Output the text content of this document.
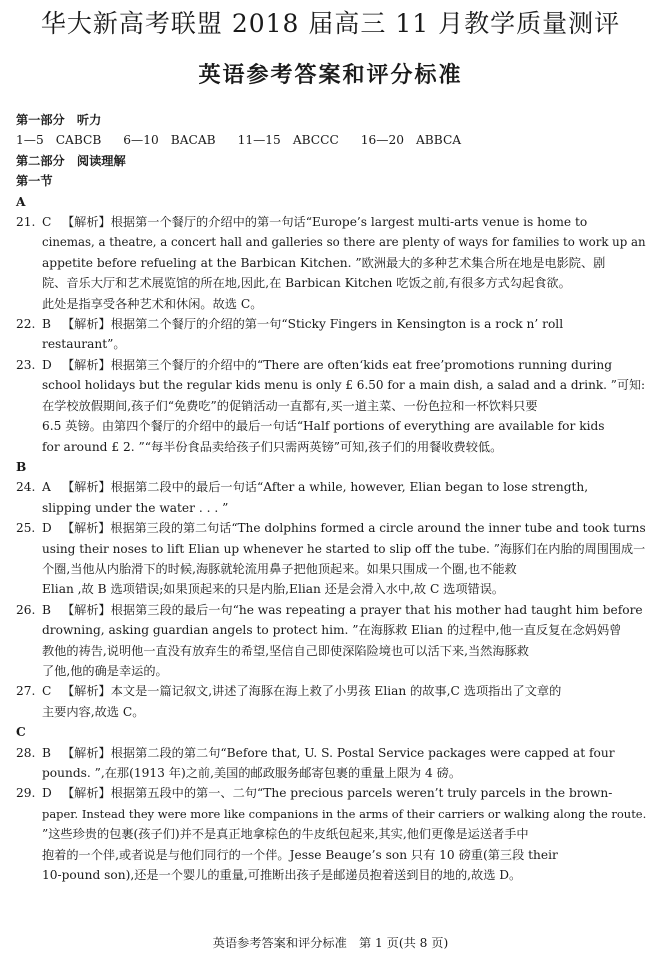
华大新高考联盟 2018 届高三 11 月教学质量测评
英语参考答案和评分标准
第一部分　听力
1—5 CABCB 6—10 BACAB 11—15 ABCCC 16—20 ABBCA
第二部分　阅读理解
第一节
A
21. C 【解析】根据第一个餐厅的介绍中的第一句话“Europe’s largest multi-arts venue is home to
cinemas, a theatre, a concert hall and galleries so there are plenty of ways for families to work up an
appetite before refueling at the Barbican Kitchen. ”欧洲最大的多种艺术集合所在地是电影院、剧
院、音乐大厅和艺术展览馆的所在地,因此,在 Barbican Kitchen 吃饭之前,有很多方式勾起食欲。
此处是指享受各种艺术和休闲。故选 C。
22. B 【解析】根据第二个餐厅的介绍的第一句“Sticky Fingers in Kensington is a rock n’ roll
restaurant”。
23. D 【解析】根据第三个餐厅的介绍中的“There are often‘kids eat free’promotions running during
school holidays but the regular kids menu is only £ 6.50 for a main dish, a salad and a drink. ”可知:
在学校放假期间,孩子们“免费吃”的促销活动一直都有,买一道主菜、一份色拉和一杯饮料只要
6.5 英镑。由第四个餐厅的介绍中的最后一句话“Half portions of everything are available for kids
for around £ 2. ”“每半份食品卖给孩子们只需两英镑”可知,孩子们的用餐收费较低。
B
24. A 【解析】根据第二段中的最后一句话“After a while, however, Elian began to lose strength,
slipping under the water . . . ”
25. D 【解析】根据第三段的第二句话“The dolphins formed a circle around the inner tube and took turns
using their noses to lift Elian up whenever he started to slip off the tube. ”海豚们在内胎的周围围成一
个圈,当他从内胎滑下的时候,海豚就轮流用鼻子把他顶起来。如果只围成一个圈,也不能救
Elian ,故 B 选项错误;如果顶起来的只是内胎,Elian 还是会滑入水中,故 C 选项错误。
26. B 【解析】根据第三段的最后一句“he was repeating a prayer that his mother had taught him before
drowning, asking guardian angels to protect him. ”在海豚救 Elian 的过程中,他一直反复在念妈妈曾
教他的祷告,说明他一直没有放弃生的希望,坚信自己即使深陷险境也可以活下来,当然海豚救
了他,他的确是幸运的。
27. C 【解析】本文是一篇记叙文,讲述了海豚在海上救了小男孩 Elian 的故事,C 选项指出了文章的
主要内容,故选 C。
C
28. B 【解析】根据第二段的第二句“Before that, U. S. Postal Service packages were capped at four
pounds. ”,在那(1913 年)之前,美国的邮政服务邮寄包裹的重量上限为 4 磅。
29. D 【解析】根据第五段中的第一、二句“The precious parcels weren’t truly parcels in the brown-
paper. Instead they were more like companions in the arms of their carriers or walking along the route.
”这些珍贵的包裹(孩子们)并不是真正地拿棕色的牛皮纸包起来,其实,他们更像是运送者手中
抱着的一个伴,或者说是与他们同行的一个伴。Jesse Beauge’s son 只有 10 磅重(第三段 their
10-pound son),还是一个婴儿的重量,可推断出孩子是邮递员抱着送到目的地的,故选 D。
英语参考答案和评分标准　第 1 页(共 8 页)
